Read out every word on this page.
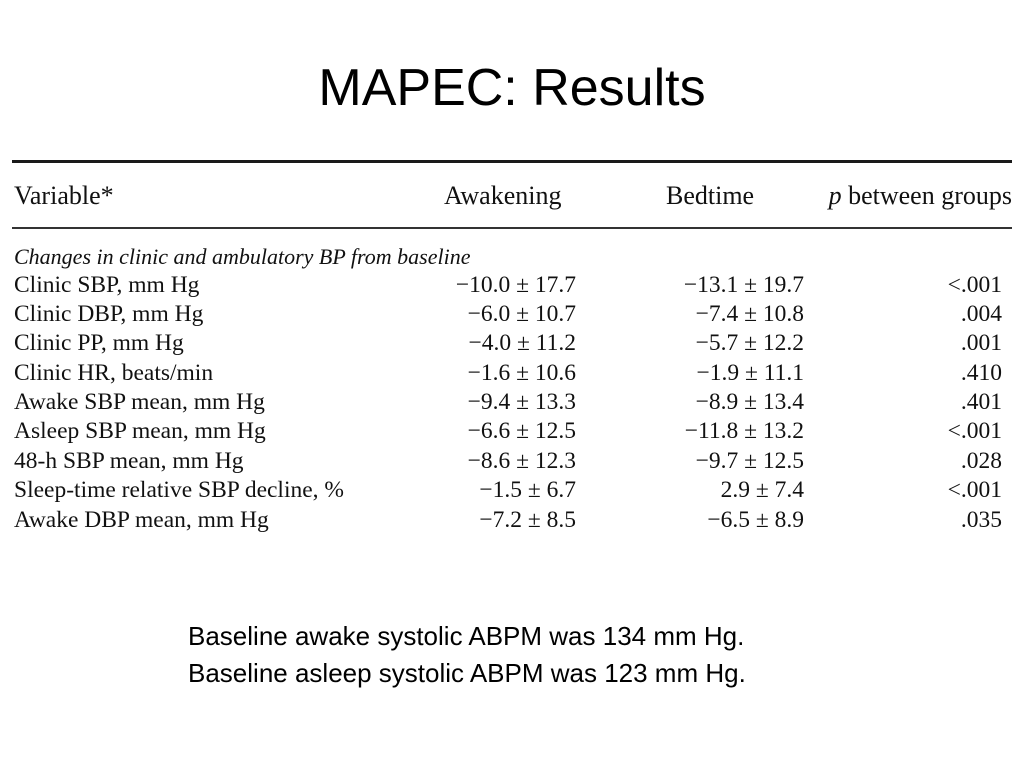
MAPEC: Results
Variable*	Awakening	Bedtime	p between groups
Changes in clinic and ambulatory BP from baseline
Clinic SBP, mm Hg	−10.0 ± 17.7	−13.1 ± 19.7	<.001
Clinic DBP, mm Hg	−6.0 ± 10.7	−7.4 ± 10.8	.004
Clinic PP, mm Hg	−4.0 ± 11.2	−5.7 ± 12.2	.001
Clinic HR, beats/min	−1.6 ± 10.6	−1.9 ± 11.1	.410
Awake SBP mean, mm Hg	−9.4 ± 13.3	−8.9 ± 13.4	.401
Asleep SBP mean, mm Hg	−6.6 ± 12.5	−11.8 ± 13.2	<.001
48-h SBP mean, mm Hg	−8.6 ± 12.3	−9.7 ± 12.5	.028
Sleep-time relative SBP decline, %	−1.5 ± 6.7	2.9 ± 7.4	<.001
Awake DBP mean, mm Hg	−7.2 ± 8.5	−6.5 ± 8.9	.035
Baseline awake systolic ABPM was 134 mm Hg.
Baseline asleep systolic ABPM was 123 mm Hg.
